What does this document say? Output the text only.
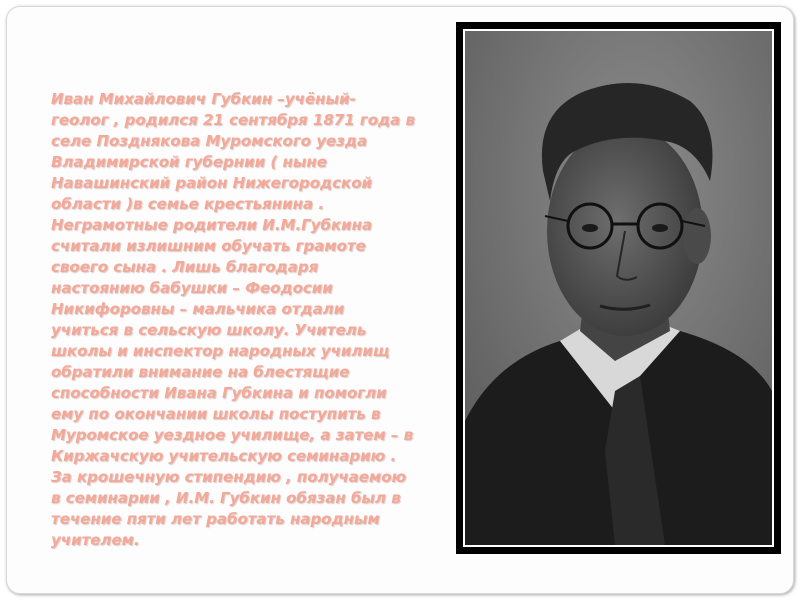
Иван Михайлович Губкин –учёный-
геолог , родился 21 сентября 1871 года в
селе Позднякова Муромского уезда
Владимирской губернии ( ныне
Навашинский район Нижегородской
области )в семье крестьянина .
Неграмотные родители И.М.Губкина
считали излишним обучать грамоте
своего сына . Лишь благодаря
настоянию бабушки – Феодосии
Никифоровны – мальчика отдали
учиться в сельскую школу. Учитель
школы и инспектор народных училищ
обратили внимание на блестящие
способности Ивана Губкина и помогли
ему по окончании школы поступить в
Муромское уездное училище, а затем – в
Киржачскую учительскую семинарию .
За крошечную стипендию , получаемою
в семинарии , И.М. Губкин обязан был в
течение пяти лет работать народным
учителем.
